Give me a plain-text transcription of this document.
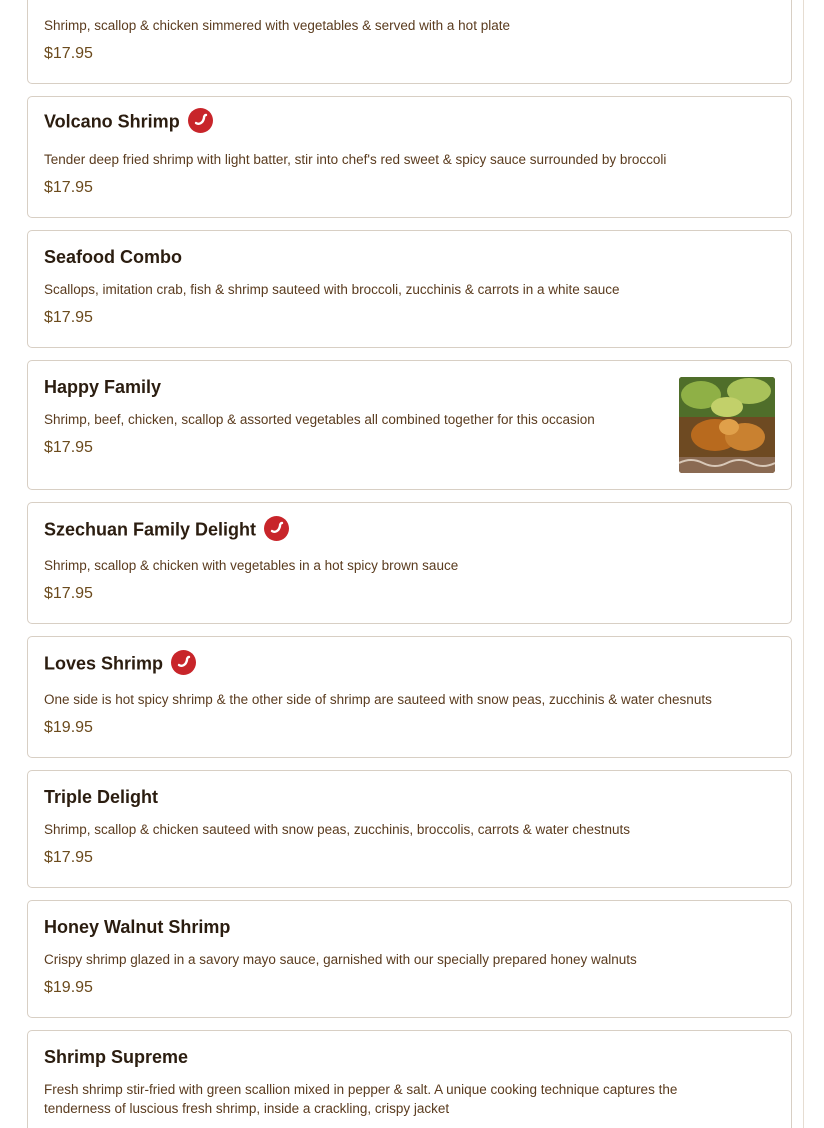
Shrimp, scallop & chicken simmered with vegetables & served with a hot plate
$17.95
Volcano Shrimp
Tender deep fried shrimp with light batter, stir into chef's red sweet & spicy sauce surrounded by broccoli
$17.95
Seafood Combo
Scallops, imitation crab, fish & shrimp sauteed with broccoli, zucchinis & carrots in a white sauce
$17.95
Happy Family
Shrimp, beef, chicken, scallop & assorted vegetables all combined together for this occasion
$17.95
Szechuan Family Delight
Shrimp, scallop & chicken with vegetables in a hot spicy brown sauce
$17.95
Loves Shrimp
One side is hot spicy shrimp & the other side of shrimp are sauteed with snow peas, zucchinis & water chesnuts
$19.95
Triple Delight
Shrimp, scallop & chicken sauteed with snow peas, zucchinis, broccolis, carrots & water chestnuts
$17.95
Honey Walnut Shrimp
Crispy shrimp glazed in a savory mayo sauce, garnished with our specially prepared honey walnuts
$19.95
Shrimp Supreme
Fresh shrimp stir-fried with green scallion mixed in pepper & salt. A unique cooking technique captures the tenderness of luscious fresh shrimp, inside a crackling, crispy jacket
